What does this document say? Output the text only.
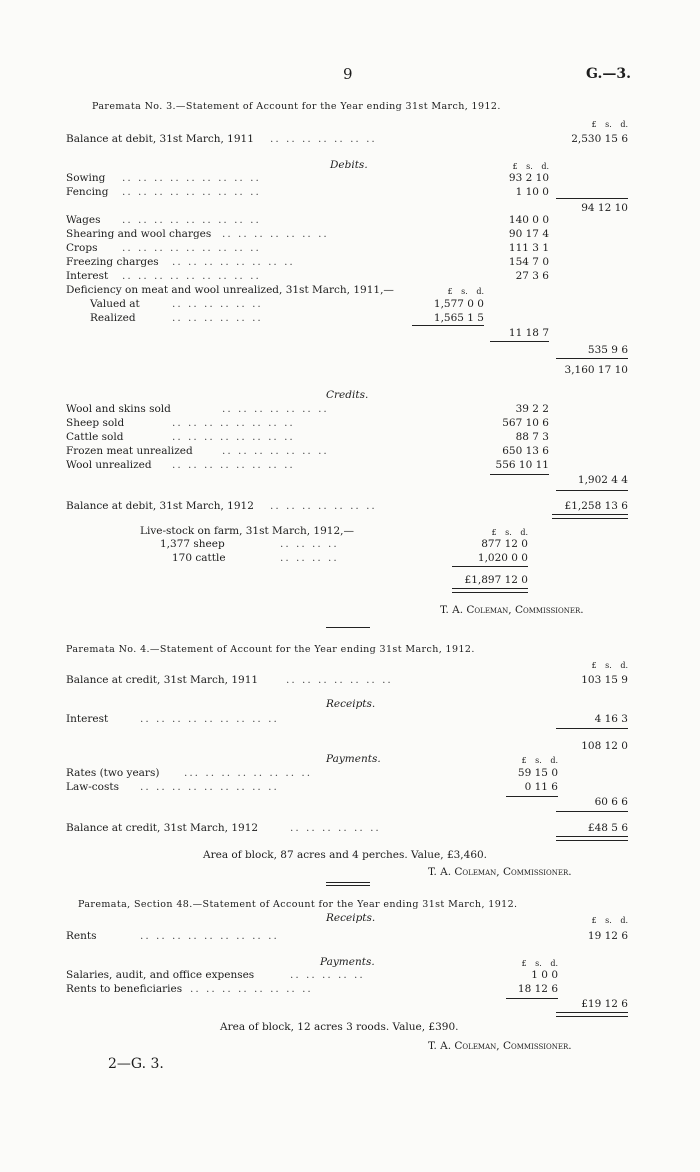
9	G.—3.
Paremata No. 3.—Statement of Account for the Year ending 31st March, 1912.
£ s. d.
Balance at debit, 31st March, 1911 .. .. .. .. .. .. ..	2,530 15 6
Debits.	£ s. d.
Sowing .. .. .. .. .. .. .. .. ..	93 2 10
Fencing .. .. .. .. .. .. .. .. ..	1 10 0
94 12 10
Wages .. .. .. .. .. .. .. .. ..	140 0 0
Shearing and wool charges .. .. .. .. .. .. ..	90 17 4
Crops .. .. .. .. .. .. .. .. ..	111 3 1
Freezing charges .. .. .. .. .. .. .. ..	154 7 0
Interest .. .. .. .. .. .. .. .. ..	27 3 6
Deficiency on meat and wool unrealized, 31st March, 1911,—	£ s. d.
Valued at	.. .. .. .. .. ..	1,577 0 0
Realized	.. .. .. .. .. ..	1,565 1 5
11 18 7
535 9 6
3,160 17 10
Credits.
Wool and skins sold	.. .. .. .. .. .. ..	39 2 2
Sheep sold	.. .. .. .. .. .. .. ..	567 10 6
Cattle sold	.. .. .. .. .. .. .. ..	88 7 3
Frozen meat unrealized	.. .. .. .. .. .. ..	650 13 6
Wool unrealized .. .. .. .. .. .. .. ..	556 10 11
1,902 4 4
Balance at debit, 31st March, 1912 .. .. .. .. .. .. ..	£1,258 13 6
Live-stock on farm, 31st March, 1912,—	£ s. d.
1,377 sheep	.. .. .. ..	877 12 0
170 cattle	.. .. .. ..	1,020 0 0
£1,897 12 0
T. A. Coleman, Commissioner.
Paremata No. 4.—Statement of Account for the Year ending 31st March, 1912.
£ s. d.
Balance at credit, 31st March, 1911	.. .. .. .. .. .. ..	103 15 9
Receipts.
Interest	.. .. .. .. .. .. .. .. ..	4 16 3
108 12 0
Payments.	£ s. d.
Rates (two years) ... .. .. .. .. .. .. ..	59 15 0
Law-costs .. .. .. .. .. .. .. .. ..	0 11 6
60 6 6
Balance at credit, 31st March, 1912	.. .. .. .. .. ..	£48 5 6
Area of block, 87 acres and 4 perches. Value, £3,460.
T. A. Coleman, Commissioner.
Paremata, Section 48.—Statement of Account for the Year ending 31st March, 1912.
Receipts.	£ s. d.
Rents	.. .. .. .. .. .. .. .. ..	19 12 6
Payments.	£ s. d.
Salaries, audit, and office expenses	.. .. .. .. ..	1 0 0
Rents to beneficiaries .. .. .. .. .. .. .. ..	18 12 6
£19 12 6
Area of block, 12 acres 3 roods. Value, £390.
T. A. Coleman, Commissioner.
2—G. 3.
